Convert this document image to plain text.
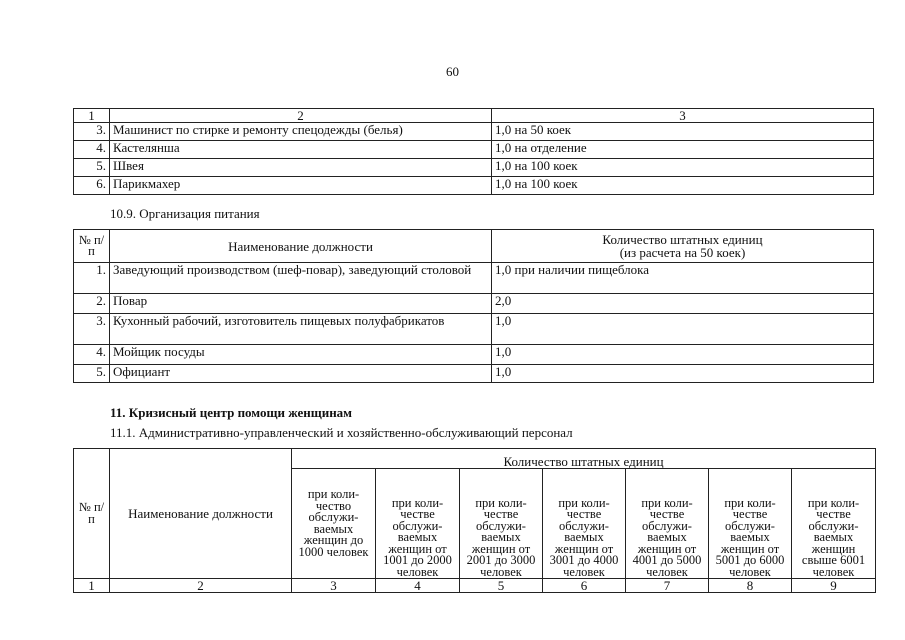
60
1	2	3
3.	Машинист по стирке и ремонту спецодежды (белья)	1,0 на 50 коек
4.	Кастелянша	1,0 на отделение
5.	Швея	1,0 на 100 коек
6.	Парикмахер	1,0 на 100 коек
10.9. Организация питания
№ п/п	Наименование должности	Количество штатных единиц
(из расчета на 50 коек)

1.	Заведующий производством (шеф-повар), заведующий столовой	1,0 при наличии пищеблока
2.	Повар	2,0
3.	Кухонный рабочий, изготовитель пищевых полуфабрикатов	1,0
4.	Мойщик посуды	1,0
5.	Официант	1,0
11. Кризисный центр помощи женщинам
11.1. Административно-управленческий и хозяйственно-обслуживающий персонал
№ п/п	Наименование должности	Количество штатных единиц						
		при коли- чество обслужи- ваемых женщин до 1000 человек	при коли- честве обслужи- ваемых женщин от 1001 до 2000 человек	при коли- честве обслужи- ваемых женщин от 2001 до 3000 человек	при коли- честве обслужи- ваемых женщин от 3001 до 4000 человек	при коли- честве обслужи- ваемых женщин от 4001 до 5000 человек	при коли- честве обслужи- ваемых женщин от 5001 до 6000 человек	при коли- честве обслужи- ваемых женщин свыше 6001 человек
1	2	3	4	5	6	7	8	9
